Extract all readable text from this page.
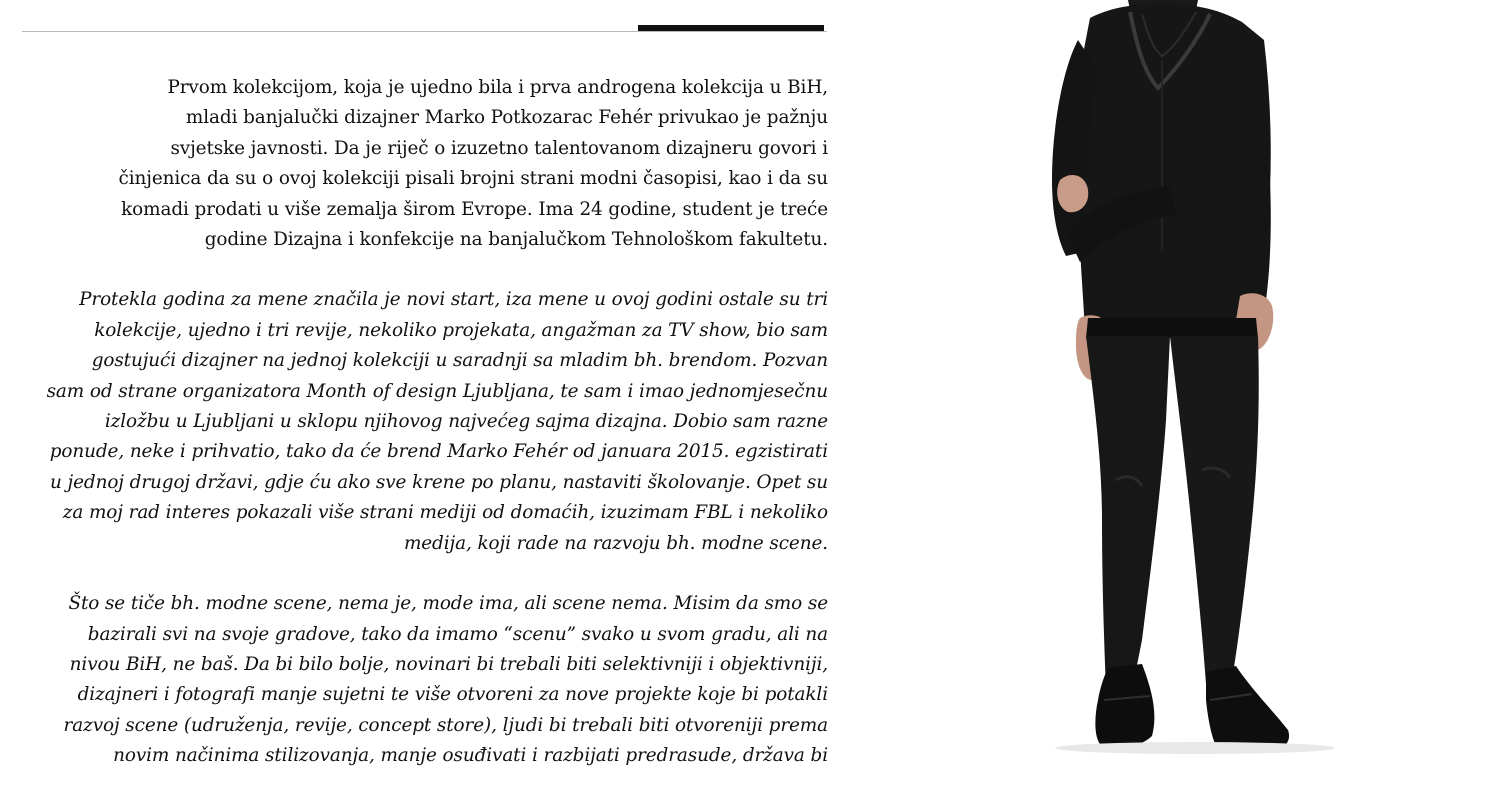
Prvom kolekcijom, koja je ujedno bila i prva androgena kolekcija u BiH,
mladi banjalučki dizajner Marko Potkozarac Fehér privukao je pažnju
svjetske javnosti. Da je riječ o izuzetno talentovanom dizajneru govori i
činjenica da su o ovoj kolekciji pisali brojni strani modni časopisi, kao i da su
komadi prodati u više zemalja širom Evrope. Ima 24 godine, student je treće
godine Dizajna i konfekcije na banjalučkom Tehnološkom fakultetu.

Protekla godina za mene značila je novi start, iza mene u ovoj godini ostale su tri
kolekcije, ujedno i tri revije, nekoliko projekata, angažman za TV show, bio sam
gostujući dizajner na jednoj kolekciji u saradnji sa mladim bh. brendom. Pozvan
sam od strane organizatora Month of design Ljubljana, te sam i imao jednomjesečnu
izložbu u Ljubljani u sklopu njihovog najvećeg sajma dizajna. Dobio sam razne
ponude, neke i prihvatio, tako da će brend Marko Fehér od januara 2015. egzistirati
u jednoj drugoj državi, gdje ću ako sve krene po planu, nastaviti školovanje. Opet su
za moj rad interes pokazali više strani mediji od domaćih, izuzimam FBL i nekoliko
medija, koji rade na razvoju bh. modne scene.

Što se tiče bh. modne scene, nema je, mode ima, ali scene nema. Misim da smo se
bazirali svi na svoje gradove, tako da imamo “scenu” svako u svom gradu, ali na
nivou BiH, ne baš. Da bi bilo bolje, novinari bi trebali biti selektivniji i objektivniji,
dizajneri i fotografi manje sujetni te više otvoreni za nove projekte koje bi potakli
razvoj scene (udruženja, revije, concept store), ljudi bi trebali biti otvoreniji prema
novim načinima stilizovanja, manje osuđivati i razbijati predrasude, država bi
